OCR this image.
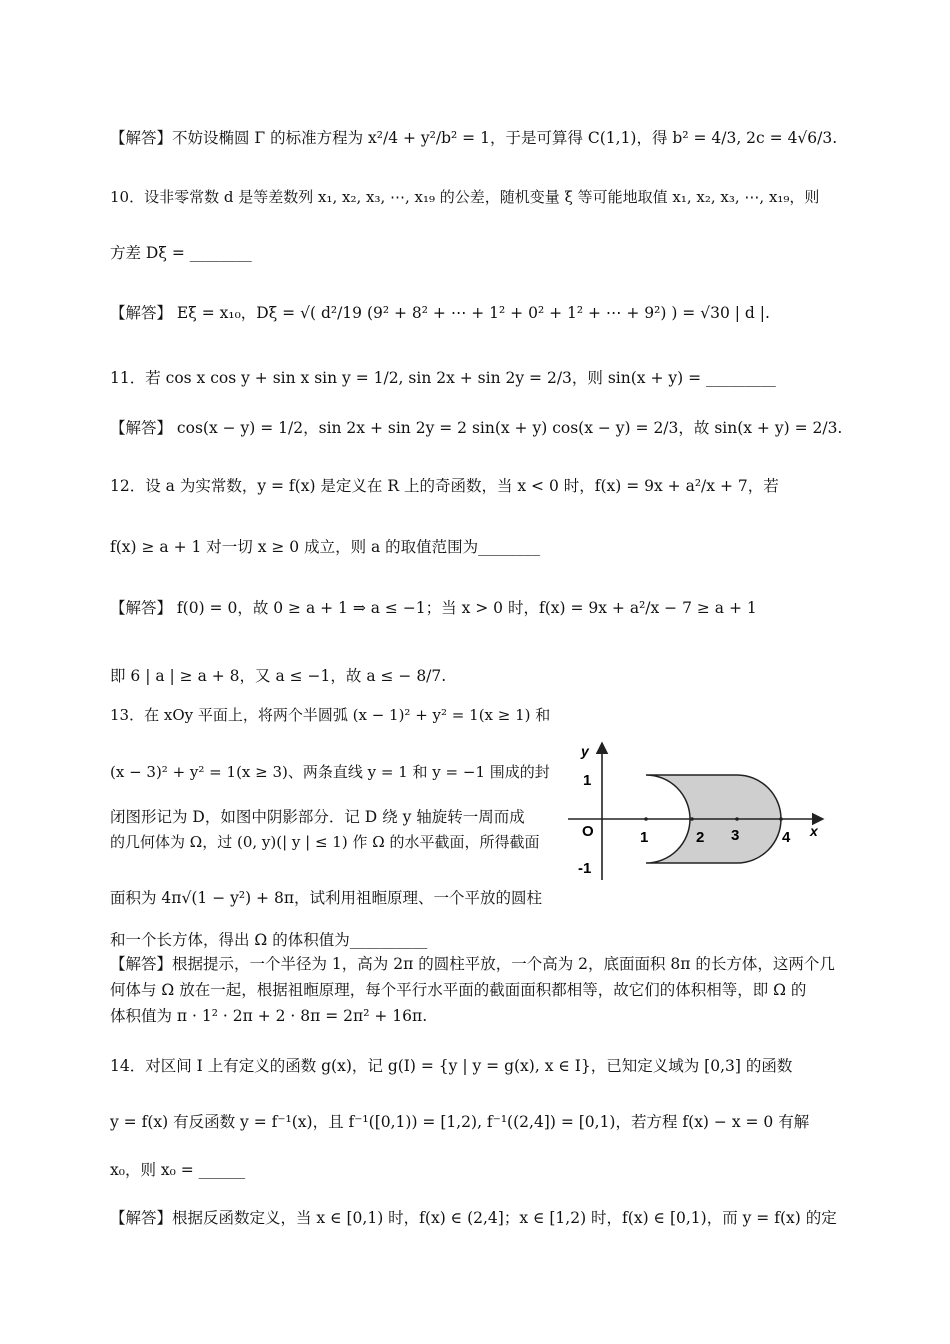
【解答】不妨设椭圆 Γ 的标准方程为 x²/4 + y²/b² = 1，于是可算得 C(1,1)，得 b² = 4/3, 2c = 4√6/3.
10．设非零常数 d 是等差数列 x₁, x₂, x₃, ⋯, x₁₉ 的公差，随机变量 ξ 等可能地取值 x₁, x₂, x₃, ⋯, x₁₉，则
方差 Dξ = ________
【解答】 Eξ = x₁₀，Dξ = √( d²/19 (9² + 8² + ⋯ + 1² + 0² + 1² + ⋯ + 9²) ) = √30 | d |.
11．若 cos x cos y + sin x sin y = 1/2, sin 2x + sin 2y = 2/3，则 sin(x + y) = _________
【解答】 cos(x − y) = 1/2，sin 2x + sin 2y = 2 sin(x + y) cos(x − y) = 2/3，故 sin(x + y) = 2/3.
12．设 a 为实常数，y = f(x) 是定义在 R 上的奇函数，当 x < 0 时，f(x) = 9x + a²/x + 7，若
f(x) ≥ a + 1 对一切 x ≥ 0 成立，则 a 的取值范围为________
【解答】 f(0) = 0，故 0 ≥ a + 1 ⇒ a ≤ −1；当 x > 0 时，f(x) = 9x + a²/x − 7 ≥ a + 1
即 6 | a | ≥ a + 8，又 a ≤ −1，故 a ≤ − 8/7.
13．在 xOy 平面上，将两个半圆弧 (x − 1)² + y² = 1(x ≥ 1) 和
(x − 3)² + y² = 1(x ≥ 3)、两条直线 y = 1 和 y = −1 围成的封
闭图形记为 D，如图中阴影部分．记 D 绕 y 轴旋转一周而成
的几何体为 Ω，过 (0, y)(| y | ≤ 1) 作 Ω 的水平截面，所得截面
面积为 4π√(1 − y²) + 8π，试利用祖暅原理、一个平放的圆柱
和一个长方体，得出 Ω 的体积值为__________
【解答】根据提示，一个半径为 1，高为 2π 的圆柱平放，一个高为 2，底面面积 8π 的长方体，这两个几
何体与 Ω 放在一起，根据祖暅原理，每个平行水平面的截面面积都相等，故它们的体积相等，即 Ω 的
体积值为 π · 1² · 2π + 2 · 8π = 2π² + 16π.
14．对区间 I 上有定义的函数 g(x)，记 g(I) = {y | y = g(x), x ∈ I}，已知定义域为 [0,3] 的函数
y = f(x) 有反函数 y = f⁻¹(x)，且 f⁻¹([0,1)) = [1,2), f⁻¹((2,4]) = [0,1)，若方程 f(x) − x = 0 有解
x₀，则 x₀ = ______
【解答】根据反函数定义，当 x ∈ [0,1) 时，f(x) ∈ (2,4]；x ∈ [1,2) 时，f(x) ∈ [0,1)，而 y = f(x) 的定
y
x
O
1
-1
1	2 3	4
